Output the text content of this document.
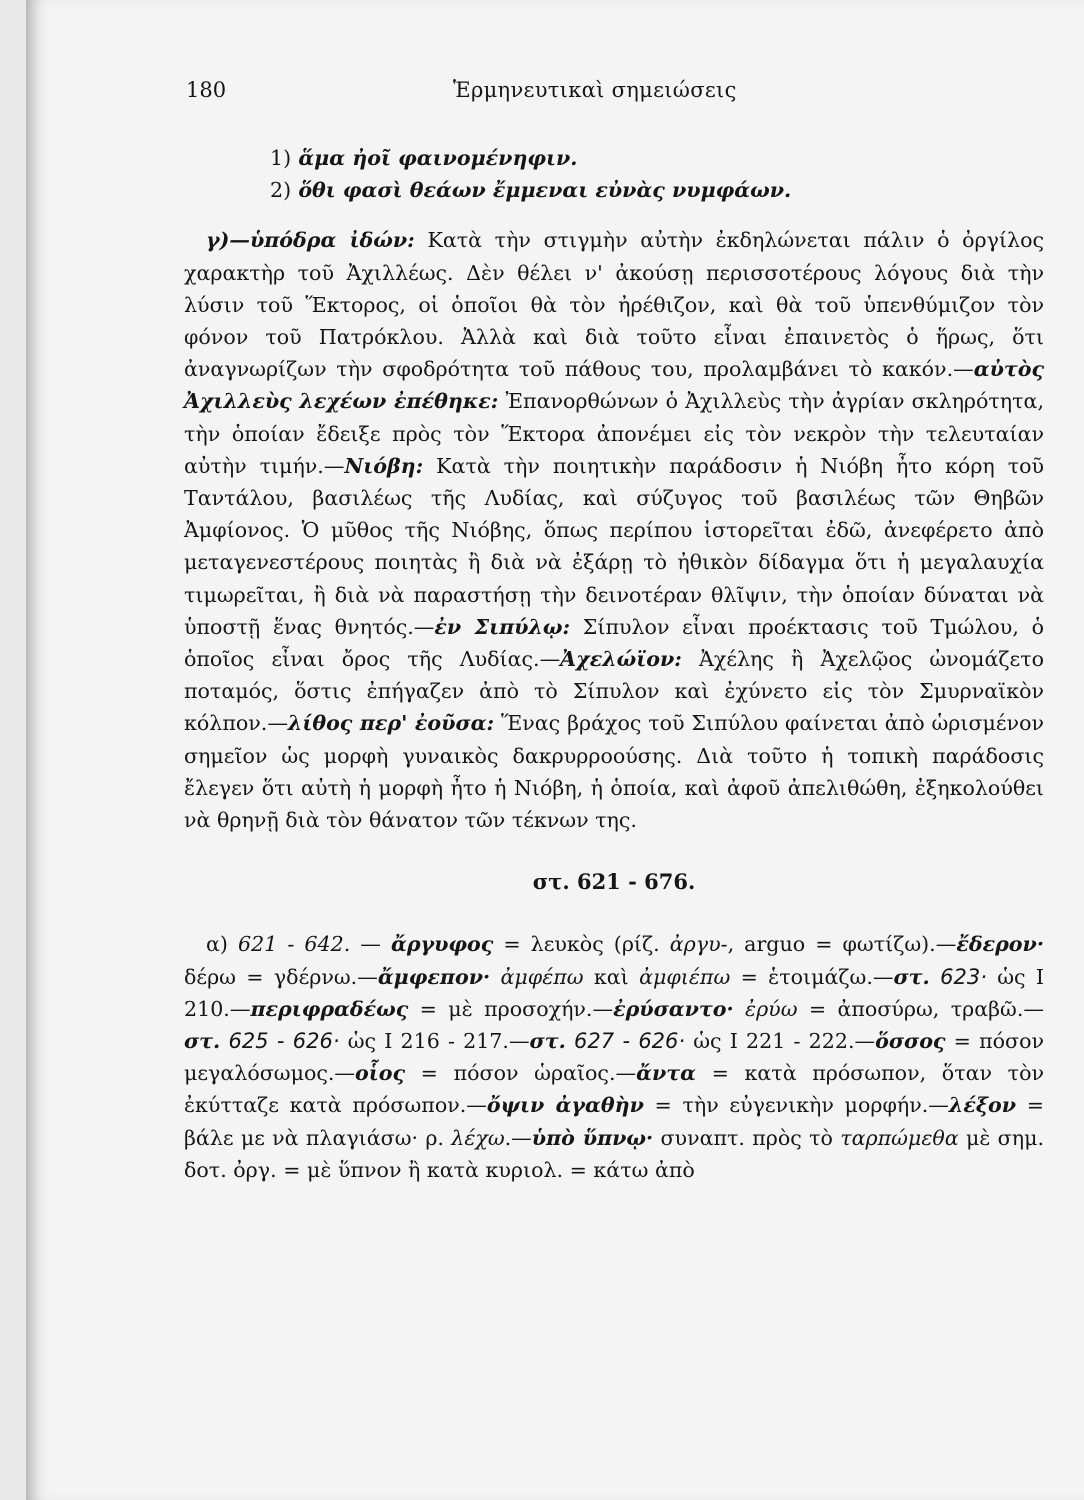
180	Ἑρμηνευτικαὶ σημειώσεις

1) ἅμα ἠοῖ φαινομένηφιν.

2) ὅθι φασὶ θεάων ἔμμεναι εὐνὰς νυμφάων.

γ)—ὑπόδρα ἰδών: Κατὰ τὴν στιγμὴν αὐτὴν ἐκδηλώνεται πάλιν ὁ ὀργίλος χαρακτὴρ τοῦ Ἀχιλλέως. Δὲν θέλει ν' ἀκούσῃ περισσοτέρους λόγους διὰ τὴν λύσιν τοῦ Ἕκτορος, οἱ ὁποῖοι θὰ τὸν ἠρέθιζον, καὶ θὰ τοῦ ὑπενθύμιζον τὸν φόνον τοῦ Πατρόκλου. Ἀλλὰ καὶ διὰ τοῦτο εἶναι ἐπαινετὸς ὁ ἥρως, ὅτι ἀναγνωρίζων τὴν σφοδρότητα τοῦ πάθους του, προλαμβάνει τὸ κακόν.—αὐτὸς Ἀχιλλεὺς λεχέων ἐπέθηκε: Ἐπανορθώνων ὁ Ἀχιλλεὺς τὴν ἀγρίαν σκληρότητα, τὴν ὁποίαν ἔδειξε πρὸς τὸν Ἕκτορα ἀπονέμει εἰς τὸν νεκρὸν τὴν τελευταίαν αὐτὴν τιμήν.—Νιόβη: Κατὰ τὴν ποιητικὴν παράδοσιν ἡ Νιόβη ἦτο κόρη τοῦ Ταντάλου, βασιλέως τῆς Λυδίας, καὶ σύζυγος τοῦ βασιλέως τῶν Θηβῶν Ἀμφίονος. Ὁ μῦθος τῆς Νιόβης, ὅπως περίπου ἱστορεῖται ἐδῶ, ἀνεφέρετο ἀπὸ μεταγενεστέρους ποιητὰς ἢ διὰ νὰ ἐξάρῃ τὸ ἠθικὸν δίδαγμα ὅτι ἡ μεγαλαυχία τιμωρεῖται, ἢ διὰ νὰ παραστήσῃ τὴν δεινοτέραν θλῖψιν, τὴν ὁποίαν δύναται νὰ ὑποστῇ ἕνας θνητός.—ἐν Σιπύλῳ: Σίπυλον εἶναι προέκτασις τοῦ Τμώλου, ὁ ὁποῖος εἶναι ὄρος τῆς Λυδίας.—Ἀχελώϊον: Ἀχέλης ἢ Ἀχελῷος ὠνομάζετο ποταμός, ὅστις ἐπήγαζεν ἀπὸ τὸ Σίπυλον καὶ ἐχύνετο εἰς τὸν Σμυρναϊκὸν κόλπον.—λίθος περ' ἐοῦσα: Ἕνας βράχος τοῦ Σιπύλου φαίνεται ἀπὸ ὡρισμένον σημεῖον ὡς μορφὴ γυναικὸς δακρυρροούσης. Διὰ τοῦτο ἡ τοπικὴ παράδοσις ἔλεγεν ὅτι αὐτὴ ἡ μορφὴ ἦτο ἡ Νιόβη, ἡ ὁποία, καὶ ἀφοῦ ἀπελιθώθη, ἐξηκολούθει νὰ θρηνῇ διὰ τὸν θάνατον τῶν τέκνων της.

στ. 621 - 676.

α) 621 - 642. — ἄργυφος = λευκὸς (ρίζ. ἀργυ-, arguo = φωτίζω).—ἔδερον· δέρω = γδέρνω.—ἄμφεπον· ἀμφέπω καὶ ἀμφιέπω = ἑτοιμάζω.—στ. 623· ὡς Ι 210.—περιφραδέως = μὲ προσοχήν.—ἐρύσαντο· ἐρύω = ἀποσύρω, τραβῶ.—στ. 625 - 626· ὡς Ι 216 - 217.—στ. 627 - 626· ὡς Ι 221 - 222.—ὅσσος = πόσον μεγαλόσωμος.—οἷος = πόσον ὡραῖος.—ἄντα = κατὰ πρόσωπον, ὅταν τὸν ἐκύτταζε κατὰ πρόσωπον.—ὄψιν ἀγαθὴν = τὴν εὐγενικὴν μορφήν.—λέξον = βάλε με νὰ πλαγιάσω· ρ. λέχω.—ὑπὸ ὕπνῳ· συναπτ. πρὸς τὸ ταρπώμεθα μὲ σημ. δοτ. ὀργ. = μὲ ὕπνον ἢ κατὰ κυριολ. = κάτω ἀπὸ
